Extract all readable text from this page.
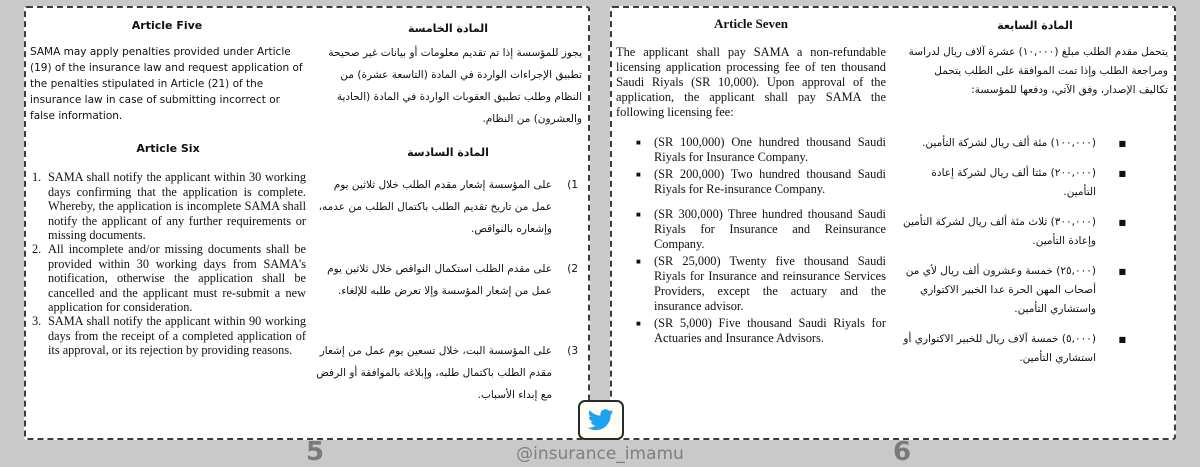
Article Five

SAMA may apply penalties provided under Article (19) of the insurance law and request application of the penalties stipulated in Article (21) of the insurance law in case of submitting incorrect or false information.

المادة الخامسة

يجوز للمؤسسة إذا تم تقديم معلومات أو بيانات غير صحيحة تطبيق الإجراءات الواردة في المادة (التاسعة عشرة) من النظام وطلب تطبيق العقوبات الواردة في المادة (الحادية والعشرون) من النظام.

Article Six
1. SAMA shall notify the applicant within 30 working days confirming that the application is complete. Whereby, the application is incomplete SAMA shall notify the applicant of any further requirements or missing documents.
2. All incomplete and/or missing documents shall be provided within 30 working days from SAMA's notification, otherwise the application shall be cancelled and the applicant must re-submit a new application for consideration.
3. SAMA shall notify the applicant within 90 working days from the receipt of a completed application of its approval, or its rejection by providing reasons.
المادة السادسة
1)
على المؤسسة إشعار مقدم الطلب خلال ثلاثين يوم عمل من تاريخ تقديم الطلب باكتمال الطلب من عدمه، وإشعاره بالنواقص.
2)
على مقدم الطلب استكمال النواقص خلال ثلاثين يوم عمل من إشعار المؤسسة وإلا تعرض طلبه للإلغاء.
3)
على المؤسسة البت، خلال تسعين يوم عمل من إشعار مقدم الطلب باكتمال طلبه، وإبلاغه بالموافقة أو الرفض مع إبداء الأسباب.
Article Seven

The applicant shall pay SAMA a non-refundable licensing application processing fee of ten thousand Saudi Riyals (SR 10,000). Upon approval of the application, the applicant shall pay SAMA the following licensing fee:

■ (SR 100,000) One hundred thousand Saudi Riyals for Insurance Company.
■ (SR 200,000) Two hundred thousand Saudi Riyals for Re-insurance Company.
■ (SR 300,000) Three hundred thousand Saudi Riyals for Insurance and Reinsurance Company.
■ (SR 25,000) Twenty five thousand Saudi Riyals for Insurance and reinsurance Services Providers, except the actuary and the insurance advisor.
■ (SR 5,000) Five thousand Saudi Riyals for Actuaries and Insurance Advisors.
المادة السابعة

يتحمل مقدم الطلب مبلغ (١٠,٠٠٠) عشرة آلاف ريال لدراسة ومراجعة الطلب وإذا تمت الموافقة على الطلب يتحمل تكاليف الإصدار، وفق الآتي، ودفعها للمؤسسة:

■ (١٠٠,٠٠٠) مئة ألف ريال لشركة التأمين.
■ (٢٠٠,٠٠٠) مئتا ألف ريال لشركة إعادة التأمين.
■ (٣٠٠,٠٠٠) ثلاث مئة ألف ريال لشركة التأمين وإعادة التأمين.
■ (٢٥,٠٠٠) خمسة وعشرون ألف ريال لأي من أصحاب المهن الحرة عدا الخبير الاكتواري واستشاري التأمين.
■ (٥,٠٠٠) خمسة آلاف ريال للخبير الاكتواري أو استشاري التأمين.
5	6
@insurance_imamu
